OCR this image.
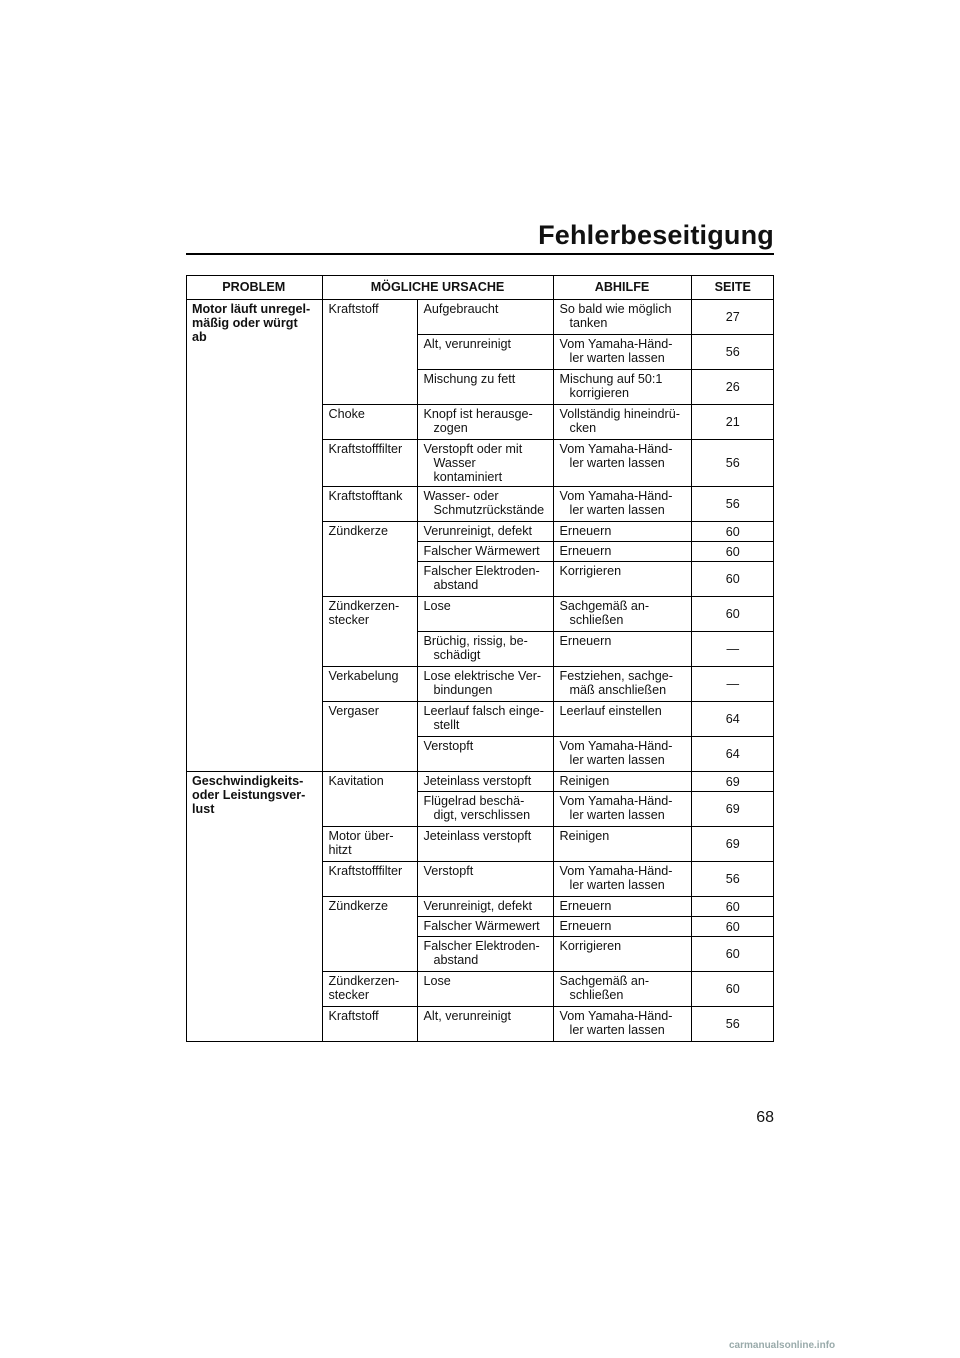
Fehlerbeseitigung
PROBLEM	MÖGLICHE URSACHE		ABHILFE	SEITE

Motor läuft unregel-
mäßig oder würgt
ab	Kraftstoff	Aufgebraucht	So bald wie möglich
tanken	27

		Alt, verunreinigt	Vom Yamaha-Händ-
ler warten lassen	56

		Mischung zu fett	Mischung auf 50:1
korrigieren	26

	Choke	Knopf ist herausge-
zogen	Vollständig hineindrü-
cken	21

	Kraftstofffilter	Verstopft oder mit
Wasser kontaminiert	Vom Yamaha-Händ-
ler warten lassen	56

	Kraftstofftank	Wasser- oder
Schmutzrückstände	Vom Yamaha-Händ-
ler warten lassen	56

	Zündkerze	Verunreinigt, defekt	Erneuern	60

		Falscher Wärmewert	Erneuern	60

		Falscher Elektroden-
abstand	Korrigieren	60

	Zündkerzen-
stecker	Lose	Sachgemäß an-
schließen	60

		Brüchig, rissig, be-
schädigt	Erneuern	—

	Verkabelung	Lose elektrische Ver-
bindungen	Festziehen, sachge-
mäß anschließen	—

	Vergaser	Leerlauf falsch einge-
stellt	Leerlauf einstellen	64

		Verstopft	Vom Yamaha-Händ-
ler warten lassen	64

Geschwindigkeits-
oder Leistungsver-
lust	Kavitation	Jeteinlass verstopft	Reinigen	69

		Flügelrad beschä-
digt, verschlissen	Vom Yamaha-Händ-
ler warten lassen	69

	Motor über-
hitzt	Jeteinlass verstopft	Reinigen	69

	Kraftstofffilter	Verstopft	Vom Yamaha-Händ-
ler warten lassen	56

	Zündkerze	Verunreinigt, defekt	Erneuern	60

		Falscher Wärmewert	Erneuern	60

		Falscher Elektroden-
abstand	Korrigieren	60

	Zündkerzen-
stecker	Lose	Sachgemäß an-
schließen	60

	Kraftstoff	Alt, verunreinigt	Vom Yamaha-Händ-
ler warten lassen	56
68
carmanualsonline.info
